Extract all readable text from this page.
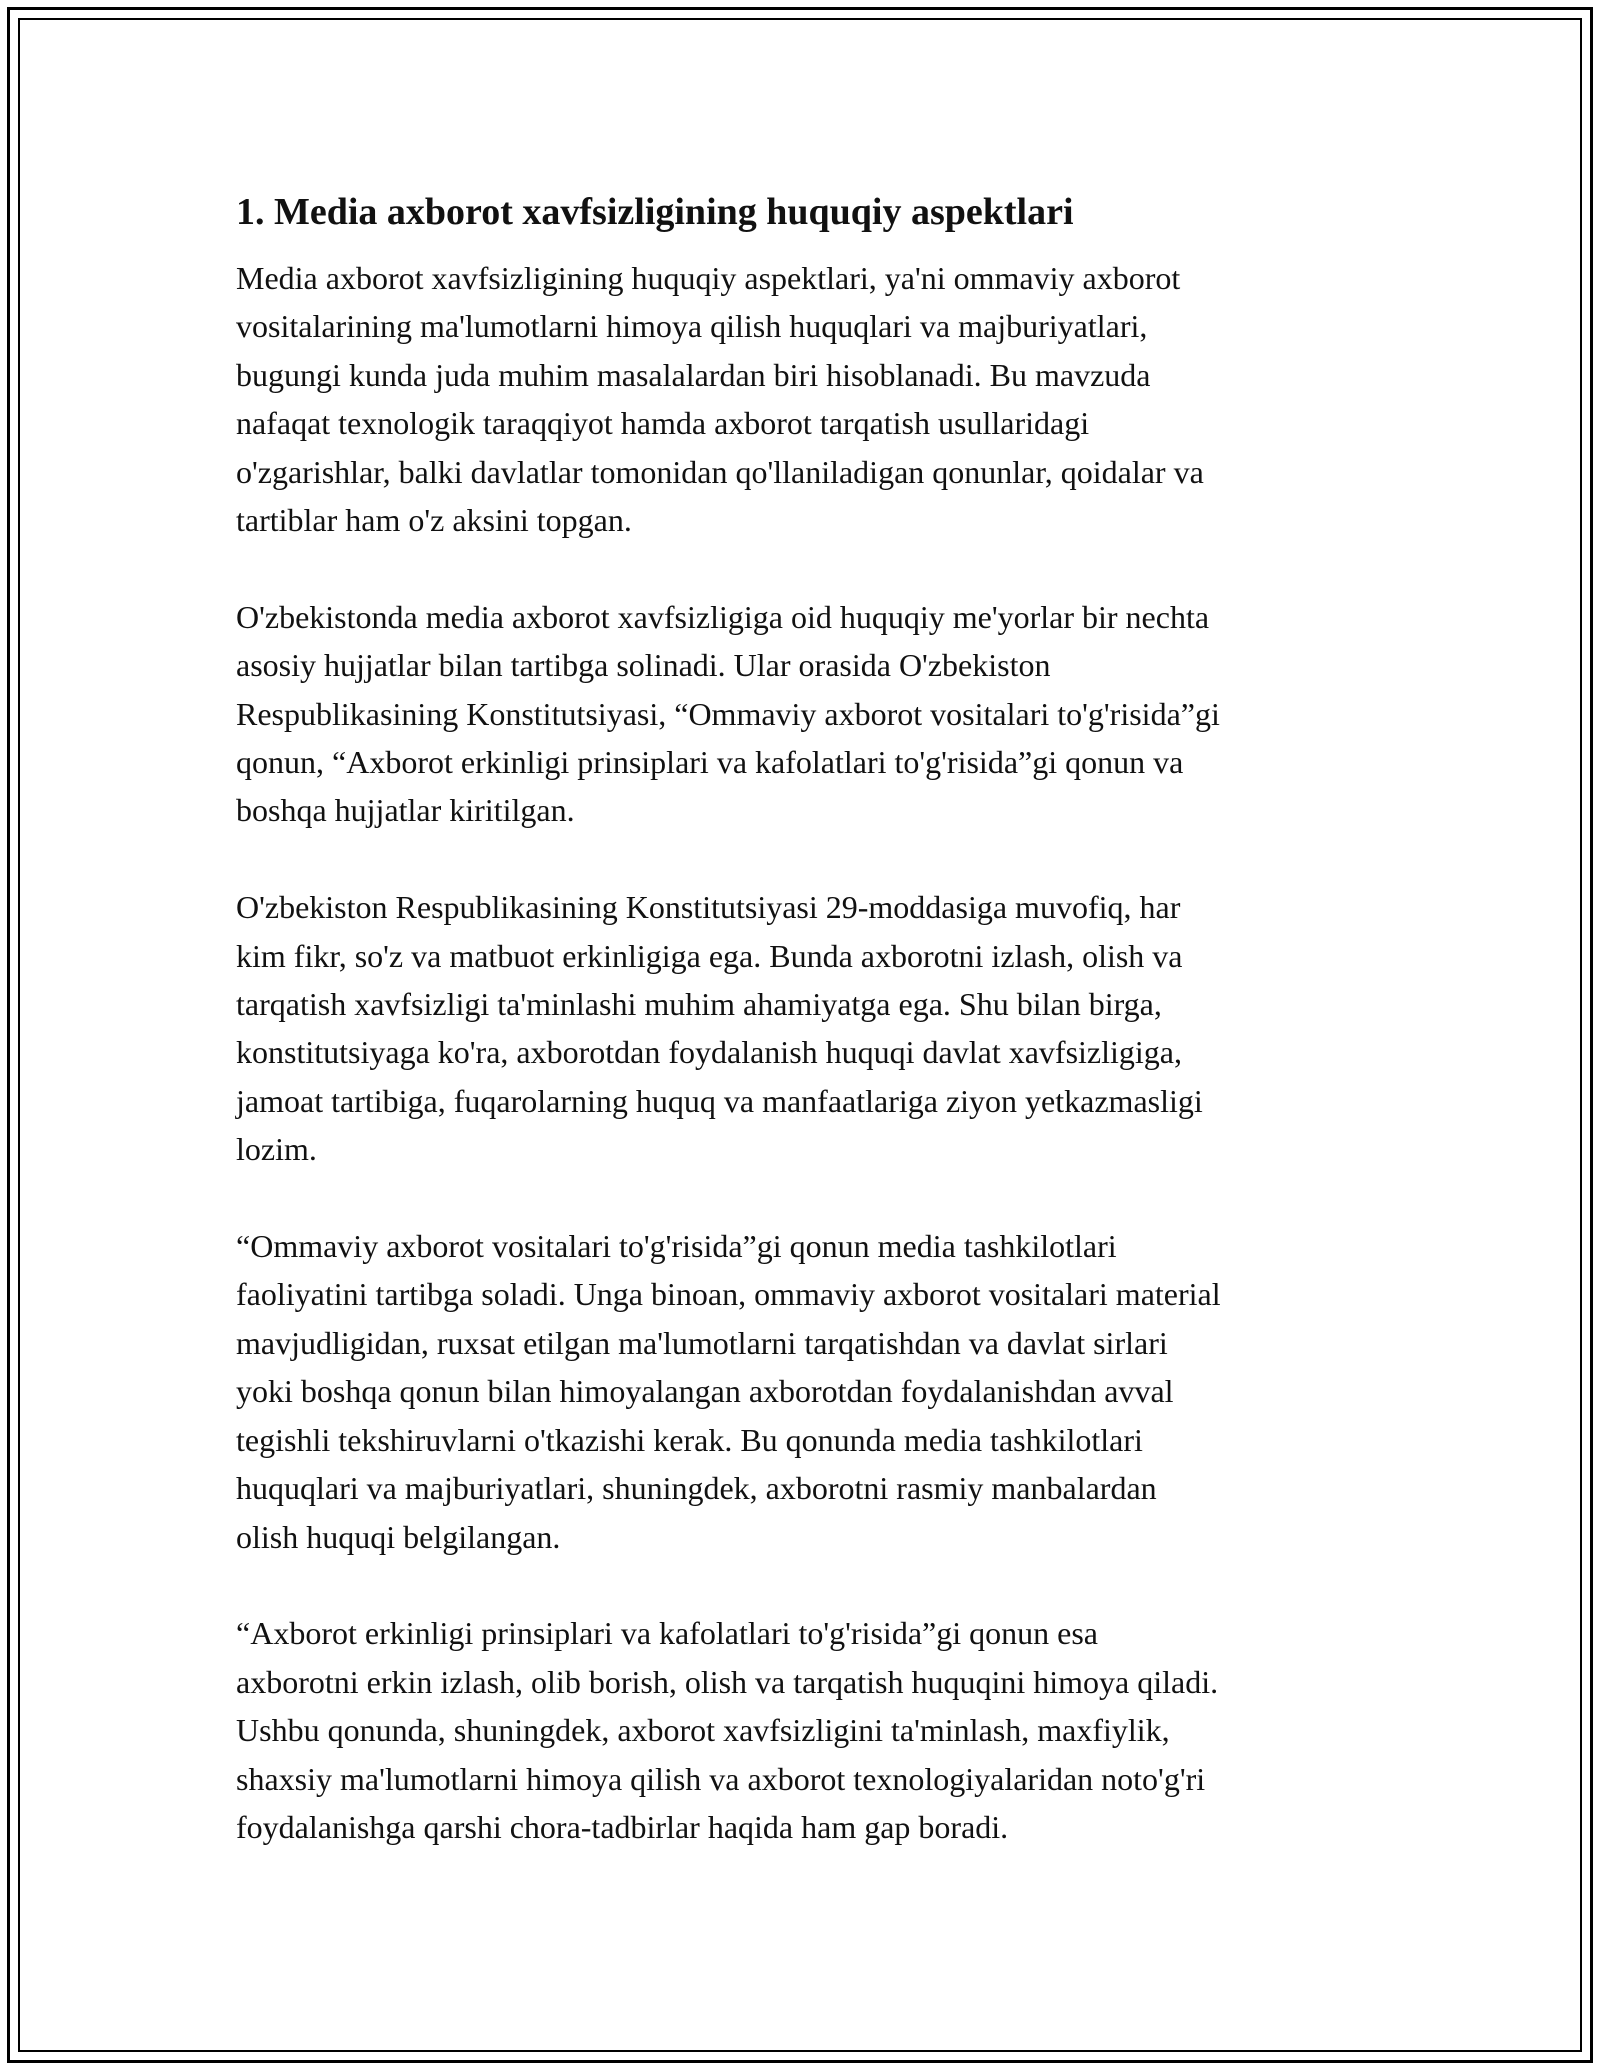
1. Media axborot xavfsizligining huquqiy aspektlari

Media axborot xavfsizligining huquqiy aspektlari, ya'ni ommaviy axborot
vositalarining ma'lumotlarni himoya qilish huquqlari va majburiyatlari,
bugungi kunda juda muhim masalalardan biri hisoblanadi. Bu mavzuda
nafaqat texnologik taraqqiyot hamda axborot tarqatish usullaridagi
o'zgarishlar, balki davlatlar tomonidan qo'llaniladigan qonunlar, qoidalar va
tartiblar ham o'z aksini topgan.

O'zbekistonda media axborot xavfsizligiga oid huquqiy me'yorlar bir nechta
asosiy hujjatlar bilan tartibga solinadi. Ular orasida O'zbekiston
Respublikasining Konstitutsiyasi, “Ommaviy axborot vositalari to'g'risida”gi
qonun, “Axborot erkinligi prinsiplari va kafolatlari to'g'risida”gi qonun va
boshqa hujjatlar kiritilgan.

O'zbekiston Respublikasining Konstitutsiyasi 29-moddasiga muvofiq, har
kim fikr, so'z va matbuot erkinligiga ega. Bunda axborotni izlash, olish va
tarqatish xavfsizligi ta'minlashi muhim ahamiyatga ega. Shu bilan birga,
konstitutsiyaga ko'ra, axborotdan foydalanish huquqi davlat xavfsizligiga,
jamoat tartibiga, fuqarolarning huquq va manfaatlariga ziyon yetkazmasligi
lozim.

“Ommaviy axborot vositalari to'g'risida”gi qonun media tashkilotlari
faoliyatini tartibga soladi. Unga binoan, ommaviy axborot vositalari material
mavjudligidan, ruxsat etilgan ma'lumotlarni tarqatishdan va davlat sirlari
yoki boshqa qonun bilan himoyalangan axborotdan foydalanishdan avval
tegishli tekshiruvlarni o'tkazishi kerak. Bu qonunda media tashkilotlari
huquqlari va majburiyatlari, shuningdek, axborotni rasmiy manbalardan
olish huquqi belgilangan.

“Axborot erkinligi prinsiplari va kafolatlari to'g'risida”gi qonun esa
axborotni erkin izlash, olib borish, olish va tarqatish huquqini himoya qiladi.
Ushbu qonunda, shuningdek, axborot xavfsizligini ta'minlash, maxfiylik,
shaxsiy ma'lumotlarni himoya qilish va axborot texnologiyalaridan noto'g'ri
foydalanishga qarshi chora-tadbirlar haqida ham gap boradi.
